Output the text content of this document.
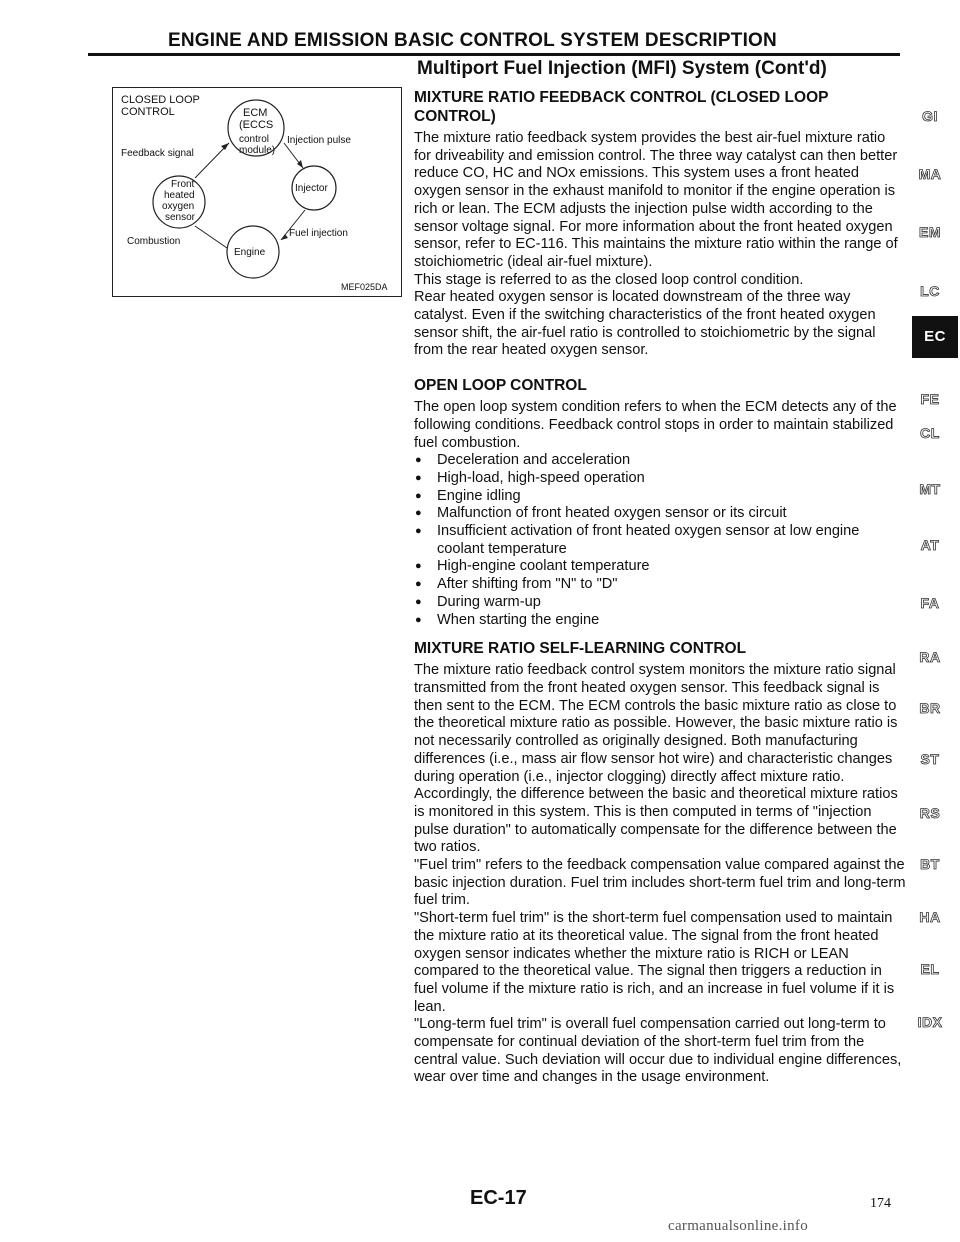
ENGINE AND EMISSION BASIC CONTROL SYSTEM DESCRIPTION
Multiport Fuel Injection (MFI) System (Cont'd)
CLOSED LOOP
CONTROL	ECM
(ECCS
control
module)
Injection pulse
Feedback signal
Front
heated
oxygen
sensor
Injector
Combustion
Fuel injection
Engine
MEF025DA
MIXTURE RATIO FEEDBACK CONTROL (CLOSED LOOP
CONTROL)

The mixture ratio feedback system provides the best air-fuel mixture ratio for driveability and emission control. The three way catalyst can then better reduce CO, HC and NOx emissions. This system uses a front heated oxygen sensor in the exhaust manifold to monitor if the engine operation is rich or lean. The ECM adjusts the injection pulse width according to the sensor voltage signal. For more information about the front heated oxygen sensor, refer to EC-116. This maintains the mixture ratio within the range of stoichiometric (ideal air-fuel mixture).

This stage is referred to as the closed loop control condition.

Rear heated oxygen sensor is located downstream of the three way catalyst. Even if the switching characteristics of the front heated oxygen sensor shift, the air-fuel ratio is controlled to stoichiometric by the signal from the rear heated oxygen sensor.

OPEN LOOP CONTROL

The open loop system condition refers to when the ECM detects any of the following conditions. Feedback control stops in order to maintain stabilized fuel combustion.

● Deceleration and acceleration
● High-load, high-speed operation
● Engine idling
● Malfunction of front heated oxygen sensor or its circuit
● Insufficient activation of front heated oxygen sensor at low engine coolant temperature
● High-engine coolant temperature
● After shifting from "N" to "D"
● During warm-up
● When starting the engine
MIXTURE RATIO SELF-LEARNING CONTROL

The mixture ratio feedback control system monitors the mixture ratio signal transmitted from the front heated oxygen sensor. This feedback signal is then sent to the ECM. The ECM controls the basic mixture ratio as close to the theoretical mixture ratio as possible. However, the basic mixture ratio is not necessarily controlled as originally designed. Both manufacturing differences (i.e., mass air flow sensor hot wire) and characteristic changes during operation (i.e., injector clogging) directly affect mixture ratio.

Accordingly, the difference between the basic and theoretical mixture ratios is monitored in this system. This is then computed in terms of "injection pulse duration" to automatically compensate for the difference between the two ratios.

"Fuel trim" refers to the feedback compensation value compared against the basic injection duration. Fuel trim includes short-term fuel trim and long-term fuel trim.

"Short-term fuel trim" is the short-term fuel compensation used to maintain the mixture ratio at its theoretical value. The signal from the front heated oxygen sensor indicates whether the mixture ratio is RICH or LEAN compared to the theoretical value. The signal then triggers a reduction in fuel volume if the mixture ratio is rich, and an increase in fuel volume if it is lean.

"Long-term fuel trim" is overall fuel compensation carried out long-term to compensate for continual deviation of the short-term fuel trim from the central value. Such deviation will occur due to individual engine differences, wear over time and changes in the usage environment.

GI
MA
EM
LC
EC
FE
CL
MT
AT
FA
RA
BR
ST
RS
BT
HA
EL
IDX
EC-17	174
carmanualsonline.info
